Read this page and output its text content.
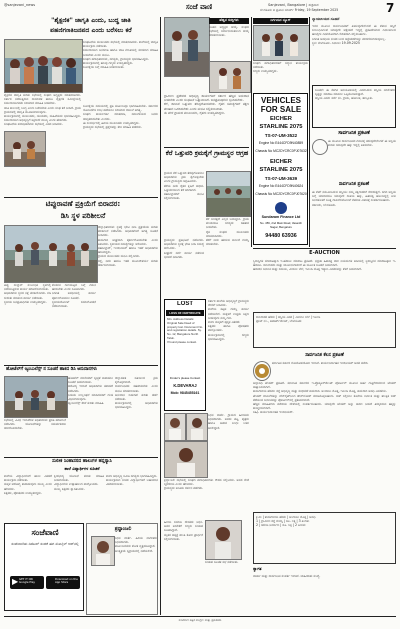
@sanjevani_news	Sanjevani, Bangalore | ಶುಕ್ರವಾರ
ಬೆಂಗಳೂರು ಆ ಪ್ರತಿದಿನ ಮಾರ್ಚ್ Friday, 19 September 2025	7
ಸಂಜೆ ವಾಣಿ
"ಶೈಕ್ಷಣಿಕ" ಜಾಗೃತಿ ಎಂದು, ಬುದ್ಧ ಜಾತಿ
ಪಹಣಿಗಣತಿಜನಪದ ಎಂದು ಬರೆಸಲು ಕರೆ
ಸಂಘಟನೆಯ ಮುಖಂಡರು ಸಭೆಯಲ್ಲಿ ಮಾತನಾಡಿದರು. ಶಾಲೆಯಲ್ಲಿ ಜಾಗೃತಿ ಕಾರ್ಯಕ್ರಮ ನಡೆಯಿತು.
ಸಮುದಾಯದ ಜನಗಣತಿ ಹಾಗೂ ಜಾತಿ ಗಣತಿಯಲ್ಲಿ ಸರಿಯಾದ ಮಾಹಿತಿ ನೀಡಬೇಕು ಎಂದು ಮನವಿ.
ಸಂಘದ ಪದಾಧಿಕಾರಿಗಳು, ಸದಸ್ಯರು, ಗ್ರಾಮಸ್ಥರು ಭಾಗವಹಿಸಿದ್ದರು.
ಕಾರ್ಯಕ್ರಮದಲ್ಲಿ ಹಲವು ಗಣ್ಯರು ಉಪಸ್ಥಿತರಿದ್ದರು.
ಸಮೀಕ್ಷೆಯ ಬಗ್ಗೆ ಮಾಹಿತಿ ನೀಡಲಾಯಿತು.
ಶೈಕ್ಷಣಿಕ ಜಾಗೃತಿ ಕುರಿತು ಸಭೆಯಲ್ಲಿ ಸಂಘದ ಅಧ್ಯಕ್ಷರು ಮಾತನಾಡಿದರು. ಸರ್ಕಾರ ನಡೆಸುತ್ತಿರುವ ಸಾಮಾಜಿಕ ಹಾಗೂ ಶೈಕ್ಷಣಿಕ ಸಮೀಕ್ಷೆಯಲ್ಲಿ ಸಮುದಾಯದವರು ಸರಿಯಾದ ಮಾಹಿತಿ ನೀಡಬೇಕು.
ಜಾತಿ ಕಾಲಂನಲ್ಲಿ ಬುದ್ಧ ಎಂದು ಬರೆಸಬೇಕು ಎಂದು ಸಂಘ ಕರೆ ನೀಡಿದೆ. ಗ್ರಾಮ ಗ್ರಾಮಗಳಲ್ಲಿ ಜಾಗೃತಿ ಮೂಡಿಸಲಾಗುವುದು.
ಕಾರ್ಯಕ್ರಮದಲ್ಲಿ ಮುಖಂಡರು, ಯುವಕರು, ಮಹಿಳೆಯರು ಭಾಗವಹಿಸಿದ್ದರು. ಸಮುದಾಯದ ಅಭಿವೃದ್ಧಿಗೆ ಶಿಕ್ಷಣವೇ ಮುಖ್ಯ ಎಂದು ಹೇಳಿದರು.
ಸಂಘಟನೆಯ ಪದಾಧಿಕಾರಿಗಳು ಸಭೆಯಲ್ಲಿ ವಿವರ ನೀಡಿದರು.
ಸಮೀಕ್ಷೆಯ ಸಮಯದಲ್ಲಿ ಪ್ರತಿ ಕುಟುಂಬವೂ ಭಾಗವಹಿಸಬೇಕು. ಸರ್ಕಾರದ ಯೋಜನೆಗಳ ಲಾಭ ಪಡೆಯಲು ಸರಿಯಾದ ದಾಖಲೆ ಅಗತ್ಯ.
ಸಂಘದ ಕಾರ್ಯದರ್ಶಿ ಮಾತನಾಡಿ, ಸಮುದಾಯದ ಜನರು ಜಾಗೃತರಾಗಬೇಕು ಎಂದರು.
ಈ ಸಂದರ್ಭದಲ್ಲಿ ಹಿರಿಯ ಮುಖಂಡರು ಉಪಸ್ಥಿತರಿದ್ದರು.
ಗ್ರಾಮಸ್ಥರು ಸಭೆಯಲ್ಲಿ ಪ್ರಶ್ನೆಗಳನ್ನು ಕೇಳಿ ಮಾಹಿತಿ ಪಡೆದರು.
ಟಿಪ್ಪುರಾವಣೆ ಪ್ರಕ್ರಿಯೆಗೆ ಬಿರಾದರ:
ಡಿಸಿ ಸ್ಥಳ ಪರಿಶೀಲನೆ
ಜಿಲ್ಲಾಧಿಕಾರಿಗಳು ಸ್ಥಳಕ್ಕೆ ಭೇಟಿ ನೀಡಿ ಪ್ರಕ್ರಿಯೆಯ ಕುರಿತು ಪರಿಶೀಲನೆ ನಡೆಸಿದರು. ಅಧಿಕಾರಿಗಳಿಗೆ ಅಗತ್ಯ ಸೂಚನೆ ನೀಡಿದರು.
ಕಾಮಗಾರಿ ಶೀಘ್ರವಾಗಿ ಪೂರ್ಣಗೊಳಿಸಬೇಕು ಎಂದು ತಿಳಿಸಿದರು. ಸ್ಥಳೀಯರ ಸಮಸ್ಯೆಗಳನ್ನು ಆಲಿಸಿದರು.
ತಹಸೀಲ್ದಾರ್, ಇಂಜಿನಿಯರ್ ಹಾಗೂ ಇತರೆ ಅಧಿಕಾರಿಗಳು ಹಾಜರಿದ್ದರು.
ಗ್ರಾಮದ ಮುಖಂಡರು ಮನವಿ ಸಲ್ಲಿಸಿದರು.
ರಸ್ತೆ, ನೀರು ಹಾಗೂ ಇತರ ಮೂಲಸೌಕರ್ಯ ಕುರಿತು ಚರ್ಚಿಸಲಾಯಿತು.
ಟಿಪ್ಪು ಸುಲ್ತಾನ್ ಸಂಬಂಧಿತ ಸ್ಥಳದಲ್ಲಿ ನಡೆಯುತ್ತಿರುವ ಕಾರ್ಯ ಪರಿಶೀಲಿಸಲಾಯಿತು.
ಅಧಿಕಾರಿಗಳು ಸ್ಥಳದ ನಕ್ಷೆ ಪರಿಶೀಲಿಸಿದರು. ಗಡಿ ಗುರುತು ಮಾಡುವ ಕಾರ್ಯ ನಡೆಯಿತು.
ಸ್ಥಳೀಯ ಜನಪ್ರತಿನಿಧಿಗಳು ಉಪಸ್ಥಿತರಿದ್ದರು.
ಕೆಲಸಗಳ ಗುಣಮಟ್ಟದ ಬಗ್ಗೆ ಗಮನ ಹರಿಸಬೇಕು ಎಂದು ಸೂಚಿಸಿದರು.
ನಿಗದಿತ ಅವಧಿಯಲ್ಲಿ ಕಾರ್ಯ ಪೂರ್ಣಗೊಳಿಸಲು ಸೂಚನೆ.
ಸ್ಥಳೀಯರೊಂದಿಗೆ ಸಮಾಲೋಚನೆ ನಡೆಸಲಾಯಿತು.
ಹೋಟೆಲ್‌ಗೆ ಆ್ಯಂಬುಲೆನ್ಸ್ ನ ಸೂಚನೆ ಹಾಕಿದ ಡಿಸಿ ಅನುದಾನಗಳು
ಹೋಟೆಲ್ ಮಾಲೀಕರಿಗೆ ಸ್ವಚ್ಛತೆ ಕಾಪಾಡಲು ಸೂಚನೆ ನೀಡಲಾಯಿತು.
ಆರೋಗ್ಯ ಇಲಾಖೆ ಅಧಿಕಾರಿಗಳು ತಪಾಸಣೆ ನಡೆಸಿದರು.
ನಿಯಮ ಉಲ್ಲಂಘನೆ ಮಾಡಿದವರಿಗೆ ದಂಡ ವಿಧಿಸಲಾಗುವುದು.
ಆ್ಯಂಬುಲೆನ್ಸ್ ಸೇವೆ ಕುರಿತು ಮಾಹಿತಿ.
ಜಿಲ್ಲಾಡಳಿತ ವತಿಯಿಂದ ಕ್ರಮ ಕೈಗೊಳ್ಳಲಾಗಿದೆ.
ಸಾರ್ವಜನಿಕರು ಸಹಕರಿಸಬೇಕು ಎಂದು ಮನವಿ ಮಾಡಲಾಯಿತು.
ಅನುದಾನ ಬಿಡುಗಡೆ ಕುರಿತು ಚರ್ಚೆ ನಡೆಯಿತು.
ಕಾರ್ಯಕ್ರಮದಲ್ಲಿ ಅಧಿಕಾರಿಗಳು ಭಾಗವಹಿಸಿದ್ದರು.
ಸಭೆಯಲ್ಲಿ ವಿವಿಧ ಇಲಾಖೆಗಳ ಅಧಿಕಾರಿಗಳು ಪ್ರಗತಿ ಪರಿಶೀಲನೆ ನಡೆಸಿದರು. ಯೋಜನೆಗಳನ್ನು ಸಮರ್ಪಕವಾಗಿ ಜಾರಿಗೊಳಿಸಬೇಕು.
ಸುಲೀಕ ಸಿಂಹಾಸನದ ಹಾಲುಗಳ ಹಸ್ತನ್ಯಾಸಿ
ಶಾಲೆ ವಿದ್ಯಾರ್ಥಿಗಳ ಸೂಚನೆ
ಶಾಲೆಯ ವಿದ್ಯಾರ್ಥಿಗಳಿಗೆ ಹಾಲು ವಿತರಣೆ ಕಾರ್ಯಕ್ರಮ ನಡೆಯಿತು.
ಮಕ್ಕಳ ಆರೋಗ್ಯ ಕಾಪಾಡುವುದು ಮುಖ್ಯ ಎಂದು ಹೇಳಿದರು.
ಶಿಕ್ಷಕರು, ಪೋಷಕರು ಉಪಸ್ಥಿತರಿದ್ದರು.
ಕ್ಷೀರಭಾಗ್ಯ ಯೋಜನೆ ಕುರಿತು ಮಾಹಿತಿ ನೀಡಲಾಯಿತು.
ವಿದ್ಯಾರ್ಥಿಗಳು ಉತ್ಸಾಹದಿಂದ ಪಾಲ್ಗೊಂಡರು.
ಮುಖ್ಯ ಶಿಕ್ಷಕರು ಸ್ವಾಗತಿಸಿದರು.
ಶಾಲಾ ಅಭಿವೃದ್ಧಿ ಸಮಿತಿ ಸದಸ್ಯರು ಭಾಗವಹಿಸಿದ್ದರು.
ಕಾರ್ಯಕ್ರಮದ ನಂತರ ವಿದ್ಯಾರ್ಥಿಗಳಿಗೆ ಬಹುಮಾನ ವಿತರಿಸಲಾಯಿತು.
ಸಂಜೆವಾಣಿ
ಸಂಜೆವಾಣಿಯ ಡಿಜಿಟಲ್ ಸಂಚಿಕೆ ಈಗ ಮೊಬೈಲ್ ಆಪ್‌ನಲ್ಲಿ
▶ GET IT ON Google Play
Download on the App Store
ಶ್ರದ್ಧಾಂಜಲಿ
ನಿಧನ ವಾರ್ತೆ. ಹಿರಿಯ ನಾಗರಿಕರು ನಿಧನರಾದರು.
ಕುಟುಂಬದವರು ಶೋಕ ವ್ಯಕ್ತಪಡಿಸಿದ್ದಾರೆ.
ಅಂತ್ಯಕ್ರಿಯೆ ಸ್ವಗ್ರಾಮದಲ್ಲಿ ನಡೆಯಲಿದೆ.
ಹೆಚ್ಚಿನ ಸುದ್ದಿಗಳು
ನೂತನ ಅಧ್ಯಕ್ಷರ ಆಯ್ಕೆ. ಸಂಘದ ಸಭೆಯಲ್ಲಿ ಸರ್ವಾನುಮತದಿಂದ ಆಯ್ಕೆ ಮಾಡಲಾಯಿತು.
ಗ್ರಾಮೀಣ ಪ್ರದೇಶದ ಅಭಿವೃದ್ಧಿ ಕಾರ್ಯಗಳಿಗೆ ಸರ್ಕಾರ ಹೆಚ್ಚಿನ ಅನುದಾನ ನೀಡಬೇಕು ಎಂದು ಸಂಘಟನೆ ಒತ್ತಾಯಿಸಿದೆ. ಜನಪ್ರತಿನಿಧಿಗಳು ಸ್ಪಂದಿಸಬೇಕು.
ಕೆರೆ, ಕಾಲುವೆ ಒತ್ತುವರಿ ತೆರವುಗೊಳಿಸಬೇಕು. ರೈತರ ಸಮಸ್ಯೆಗಳಿಗೆ ತಕ್ಷಣ ಪರಿಹಾರ ಒದಗಿಸಬೇಕು ಎಂದು ಮನವಿ ಸಲ್ಲಿಸಲಾಯಿತು.
ಈ ವೇಳೆ ಗ್ರಾಮದ ಮುಖಂಡರು, ರೈತರು ಉಪಸ್ಥಿತರಿದ್ದರು.
ಕೆರೆ ಒತ್ತುವರಿ ಕ್ರಮಕೈಗೆ ಗ್ರಾಮಸ್ಥರ ಆಗ್ರಹ
ಗ್ರಾಮದ ಕೆರೆ ಒತ್ತುವರಿ ತೆರವುಗೊಳಿಸಲು ಅಧಿಕಾರಿಗಳು ಕ್ರಮ ಕೈಗೊಳ್ಳಬೇಕು ಎಂದು ಗ್ರಾಮಸ್ಥರು ಆಗ್ರಹಿಸಿದರು.
ಕೆರೆಯ ನೀರು ರೈತರ ಕೃಷಿಗೆ ಆಧಾರ. ಒತ್ತುವರಿಯಿಂದ ಕೆರೆ ಕಿರಿದಾಗಿದೆ.
ತಹಸೀಲ್ದಾರರಿಗೆ ಮನವಿ ಸಲ್ಲಿಸಲಾಯಿತು.
ಗ್ರಾಮಸ್ಥರು ಪ್ರತಿಭಟನೆ ನಡೆಸಿದರು. ಅಧಿಕಾರಿಗಳು ಸ್ಥಳಕ್ಕೆ ಭೇಟಿ ನೀಡಿ ಸಮಸ್ಯೆ ಆಲಿಸಿದರು.
ಶೀಘ್ರವೇ ಸರ್ವೆ ಕಾರ್ಯ ನಡೆಸುವ ಭರವಸೆ ನೀಡಿದರು.
ಕೆರೆ ಸಂರಕ್ಷಣೆ ಎಲ್ಲರ ಜವಾಬ್ದಾರಿ. ಗ್ರಾಮ ಪಂಚಾಯಿತಿ ಸದಸ್ಯರು ಸಹಕಾರ ನೀಡಬೇಕು.
ರೈತ ಸಂಘದ ಮುಖಂಡರು ಮಾತನಾಡಿದರು.
ಕೆರೆಗೆ ನೀರು ಹರಿಸುವ ಕಾಲುವೆ ದುರಸ್ತಿ ಮಾಡಬೇಕು.
LOST
LOSS OF CERTIFICATE
M/s. Address Details: Original Sale Deed of property lost. Document No. and registration details. Sy. No. 12, Bangalore North Taluk.
If found please contact.
Finder's please Contact
K.DEVARAJ
Mob: 9845455161
ಸರ್ಕಾರಿ ಶಾಲೆಯ ಅಭಿವೃದ್ಧಿಗೆ ಗ್ರಾಮಸ್ಥರು ದೇಣಿಗೆ ನೀಡಿದರು.
ಶಾಲೆಯ ಕಟ್ಟಡ ದುರಸ್ತಿ ಕಾರ್ಯ ನಡೆಯಲಿದೆ. ಮಕ್ಕಳಿಗೆ ಉತ್ತಮ ಶಿಕ್ಷಣ ನೀಡುವುದು ನಮ್ಮ ಗುರಿ.
ಶಾಲಾ ಮಕ್ಕಳಿಗೆ ಪುಸ್ತಕ ವಿತರಣೆ.
ಶಿಕ್ಷಕರು ಹಾಗೂ ಪೋಷಕರು ಪಾಲ್ಗೊಂಡರು.
ಕಾರ್ಯಕ್ರಮದಲ್ಲಿ ಗಣ್ಯರು ಭಾಗವಹಿಸಿದ್ದರು.
ನಿಧನ ವಾರ್ತೆ. ಗ್ರಾಮದ ಹಿರಿಯರು ನಿಧನರಾದರು. ಅವರು ಪತ್ನಿ, ಪುತ್ರರು ಹಾಗೂ ಅಪಾರ ಬಂಧು ಬಳಗ ಅಗಲಿದ್ದಾರೆ.
ಶ್ರದ್ಧಾಂಜಲಿ ಸಭೆಯಲ್ಲಿ ಸಂಘದ ಪದಾಧಿಕಾರಿಗಳು ಗೌರವ ಸಲ್ಲಿಸಿದರು. ಅವರ ಸೇವೆ ಸ್ಮರಣೀಯ ಎಂದು ಹೇಳಿದರು.
ಗ್ರಾಮಸ್ಥರು ಅಂತಿಮ ದರ್ಶನ ಪಡೆದರು.
ಹಿರಿಯ ಸಮಾಜ ಸೇವಕರು ನಿಧನ. ಅವರ ಅಗಲಿಕೆಗೆ ಗಣ್ಯರು ಸಂತಾಪ ಸೂಚಿಸಿದ್ದಾರೆ.
ಮೃತರ ಆತ್ಮಕ್ಕೆ ಶಾಂತಿ ಕೋರಿ ಪ್ರಾರ್ಥನೆ ಸಲ್ಲಿಸಲಾಯಿತು.
ಸಂತಾಪ ಸೂಚಕ ಸಭೆ ನಡೆಯಿತು.
VEHICLES FOR SALE
EICHER STARLINE 2075
TS-07-UM-3522
Engine No E444CFD9N40859
Chassis No MC2DYCRC0PJ07632
EICHER STARLINE 2075
TS-07-UM-3639
Engine No E444CFD9N40624
Chassis No MC2DYCRC0PJ07620
Sundaram Finance Ltd
No. 456, 2nd Main Road, Vasanth Nagar, Bengaluru
94480 63936
ನಿರ್ಗಮನ ನ್ಯೂಸ್
ಸಂಘದ ಪದಾಧಿಕಾರಿಗಳಿಗೆ ಸನ್ಮಾನ ಕಾರ್ಯಕ್ರಮ ನಡೆಯಿತು.
ಗಣ್ಯರು ಉಪಸ್ಥಿತರಿದ್ದರು.
ನ್ಯಾಯಾಲಯದ ಸೂಚನೆ
ಇದರ ಮೂಲಕ ಸಾರ್ವಜನಿಕರಿಗೆ ತಿಳಿಸುವುದೇನೆಂದರೆ ಈ ಕೆಳಗಿನ ಆಸ್ತಿಗೆ ಸಂಬಂಧಿಸಿದಂತೆ ಯಾವುದೇ ಆಕ್ಷೇಪಣೆ ಇದ್ದಲ್ಲಿ ಪ್ರಕಟಣೆಯಾದ ದಿನಾಂಕದಿಂದ ಹದಿನೈದು ದಿನಗಳೊಳಗಾಗಿ ಲಿಖಿತವಾಗಿ ಸಲ್ಲಿಸಬಹುದು.
ನಿಗದಿತ ಅವಧಿಯ ನಂತರ ಬಂದ ಆಕ್ಷೇಪಣೆಗಳನ್ನು ಪರಿಗಣಿಸಲಾಗುವುದಿಲ್ಲ.
ಸ್ಥಳ: ಬೆಂಗಳೂರು. ದಿನಾಂಕ: 19.09.2025
ಸೂಚನೆ: ಈ ಕೆಳಗಿನ ಅನುಸೂಚಿಯಲ್ಲಿ ವಿವರಿಸಿರುವ ಆಸ್ತಿಯ ಮಾಲೀಕರು ಸ್ವತ್ತನ್ನು ಮಾರಾಟ ಮಾಡಲು ಒಪ್ಪಿಕೊಂಡಿರುತ್ತಾರೆ.
ಆಸ್ತಿಯ ವಿವರ: ಸರ್ವೆ ನಂ. ಗ್ರಾಮ, ಹೋಬಳಿ, ತಾಲ್ಲೂಕು.
ಸಾರ್ವಜನಿಕ ಪ್ರಕಟಣೆ
ಈ ಮೂಲಕ ಸಾರ್ವಜನಿಕರ ಗಮನಕ್ಕೆ ತರುವುದೇನೆಂದರೆ ಈ ಆಸ್ತಿಯ ಕುರಿತು ಯಾವುದೇ ಹಕ್ಕು ಇದ್ದಲ್ಲಿ ತಿಳಿಸಬೇಕು.
ಸಾರ್ವಜನಿಕ ಪ್ರಕಟಣೆ
ಈ ಕೆಳಗೆ ನಮೂದಿಸಿರುವ ಆಸ್ತಿಯು ನಮ್ಮ ಕಕ್ಷಿದಾರರಿಗೆ ಸೇರಿರುತ್ತದೆ. ಸದರಿ ಆಸ್ತಿಯ ಬಗ್ಗೆ ಯಾರಾದರೂ ಯಾವುದೇ ರೀತಿಯ ಹಕ್ಕು, ಹಿತಾಸಕ್ತಿ ಹೊಂದಿದ್ದಲ್ಲಿ ಏಳು ದಿನಗಳೊಳಗೆ ಸೂಕ್ತ ದಾಖಲೆಗಳೊಂದಿಗೆ ಕೆಳಕಂಡ ವಿಳಾಸಕ್ಕೆ ಸಂಪರ್ಕಿಸಬಹುದು.
ವಕೀಲರು, ಬೆಂಗಳೂರು.
E-AUCTION
ಸ್ಥಿರಾಸ್ತಿಗಳ ಮಾರಾಟಕ್ಕಾಗಿ ಇ-ಹರಾಜು ಮಾರಾಟ ಪ್ರಕಟಣೆ. ಭದ್ರತಾ ಹಿತಾಸಕ್ತಿ ಜಾರಿ ನಿಯಮಗಳ ಅಡಿಯಲ್ಲಿ ಸ್ಥಿರಾಸ್ತಿಗಳ ಮಾರಾಟಕ್ಕಾಗಿ ಇ-ಹರಾಜು. ಸಾಲಗಾರರು ಮತ್ತು ಜಾಮೀನುದಾರರಿಗೆ ಈ ಮೂಲಕ ಸೂಚನೆ ನೀಡಲಾಗಿದೆ.
ಹರಾಜಿನ ದಿನಾಂಕ ಮತ್ತು ಸಮಯ, ಮೀಸಲು ಬೆಲೆ, ಇಎಂಡಿ ಮೊತ್ತ ಇತ್ಯಾದಿ ವಿವರಗಳನ್ನು ಕೆಳಗೆ ನೀಡಲಾಗಿದೆ.
ಸಾಲಗಾರರ ಹೆಸರು | ಆಸ್ತಿಯ ವಿವರ | ಮೀಸಲು ಬೆಲೆ | ಇಎಂಡಿ
ಫ್ಲಾಟ್ ನಂ., ಅಪಾರ್ಟ್‌ಮೆಂಟ್, ಬೆಂಗಳೂರು
ಸಾರ್ವಜನಿಕ ಕೆಲಸ ಪ್ರಕಟಣೆ
ಕರ್ನಾಟಕ ಸರ್ಕಾರ ಲೋಕೋಪಯೋಗಿ ಇಲಾಖೆ. ಕಾರ್ಯನಿರ್ವಾಹಕ ಇಂಜಿನಿಯರ್ ಅವರ ಕಚೇರಿ.
ಅಲ್ಪಾವಧಿ ಟೆಂಡರ್ ಪ್ರಕಟಣೆ. ಕರ್ನಾಟಕ ಸರ್ಕಾರದ ಇ-ಪ್ರೊಕ್ಯೂರ್‌ಮೆಂಟ್ ಪೋರ್ಟಲ್ ಮೂಲಕ ಅರ್ಹ ಗುತ್ತಿಗೆದಾರರಿಂದ ಟೆಂಡರ್ ಆಹ್ವಾನಿಸಲಾಗಿದೆ.
ಕಾಮಗಾರಿಯ ಹೆಸರು: ರಸ್ತೆ ಅಭಿವೃದ್ಧಿ ಮತ್ತು ಸುಧಾರಣೆ ಕಾಮಗಾರಿ. ಅಂದಾಜು ಮೊತ್ತ, ಇಎಂಡಿ ಮೊತ್ತ, ಕಾಮಗಾರಿ ಅವಧಿ ವಿವರಗಳು.
ಟೆಂಡರ್ ದಾಖಲೆಗಳನ್ನು ವೆಬ್‌ಸೈಟ್‌ನಿಂದ ಡೌನ್‌ಲೋಡ್ ಮಾಡಿಕೊಳ್ಳಬಹುದು. ಬಿಡ್ ಸಲ್ಲಿಸಲು ಕೊನೆಯ ದಿನಾಂಕ ಮತ್ತು ತಾಂತ್ರಿಕ ಬಿಡ್ ತೆರೆಯುವ ದಿನಾಂಕವನ್ನು ಪೋರ್ಟಲ್‌ನಲ್ಲಿ ಪ್ರಕಟಿಸಲಾಗಿದೆ.
ಹೆಚ್ಚಿನ ಮಾಹಿತಿಗಾಗಿ ಕಚೇರಿಯ ವೇಳೆಯಲ್ಲಿ ಸಂಪರ್ಕಿಸಬಹುದು. ಯಾವುದೇ ಟೆಂಡರ್ ಅನ್ನು ಕಾರಣ ನೀಡದೆ ತಿರಸ್ಕರಿಸುವ ಹಕ್ಕನ್ನು ಕಾಯ್ದಿರಿಸಲಾಗಿದೆ.
ಸಹಿ/- ಕಾರ್ಯನಿರ್ವಾಹಕ ಇಂಜಿನಿಯರ್.
ಕ್ರ.ಸಂ | ಕಾಮಗಾರಿಯ ಹೆಸರು | ಅಂದಾಜು ಮೊತ್ತ | ಅವಧಿ
1 | ಗ್ರಾಮೀಣ ರಸ್ತೆ ದುರಸ್ತಿ | ರೂ. ಲಕ್ಷ | 3 ತಿಂಗಳು
2 | ಚರಂಡಿ ನಿರ್ಮಾಣ | ರೂ. ಲಕ್ಷ | 2 ತಿಂಗಳು
ಸ್ವಾಗತ
ವಾರ್ತಾ ಮತ್ತು ಸಾರ್ವಜನಿಕ ಸಂಪರ್ಕ ಇಲಾಖೆ. ಜಾಹೀರಾತು ಸಂಖ್ಯೆ.
ಸಂಜೆವಾಣಿ ಪತ್ರಿಕೆ ಮುದ್ರಣ ಮತ್ತು ಪ್ರಕಾಶಕರು
